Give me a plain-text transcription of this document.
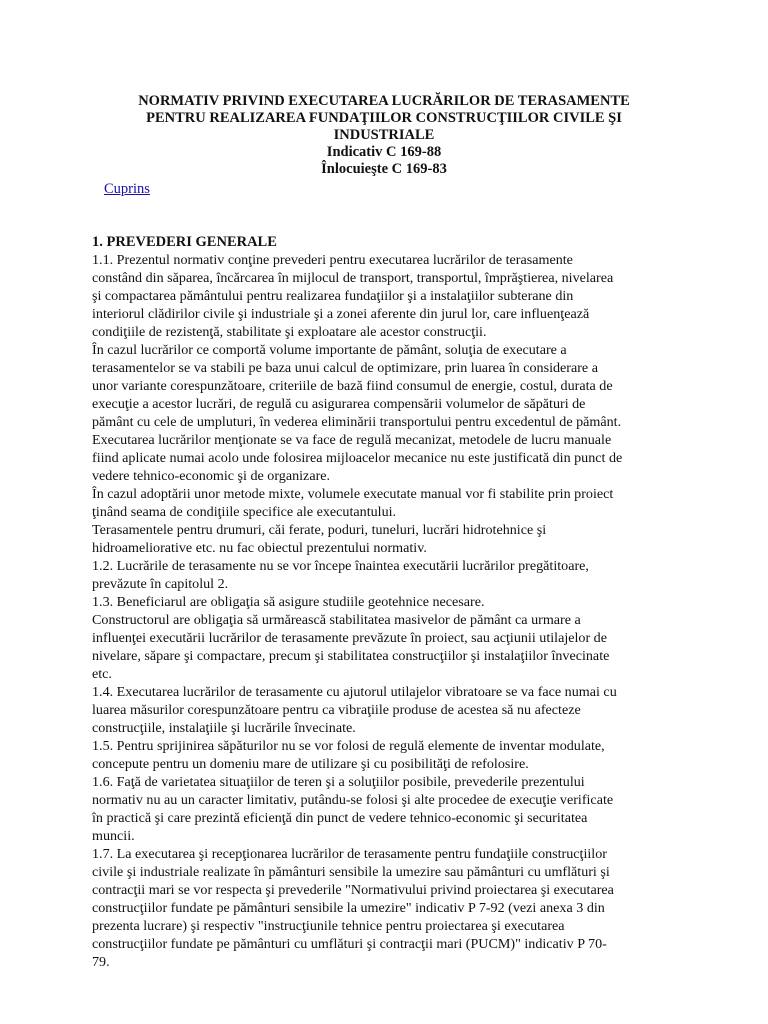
NORMATIV PRIVIND EXECUTAREA LUCRĂRILOR DE TERASAMENTE
PENTRU REALIZAREA FUNDAŢIILOR CONSTRUCŢIILOR CIVILE ŞI
INDUSTRIALE
Indicativ C 169-88
Înlocuieşte C 169-83
Cuprins
1. PREVEDERI GENERALE
1.1. Prezentul normativ conţine prevederi pentru executarea lucrărilor de terasamente
constând din săparea, încărcarea în mijlocul de transport, transportul, împrăştierea, nivelarea
şi compactarea pământului pentru realizarea fundaţiilor şi a instalaţiilor subterane din
interiorul clădirilor civile şi industriale şi a zonei aferente din jurul lor, care influenţează
condiţiile de rezistenţă, stabilitate şi exploatare ale acestor construcţii.
În cazul lucrărilor ce comportă volume importante de pământ, soluţia de executare a
terasamentelor se va stabili pe baza unui calcul de optimizare, prin luarea în considerare a
unor variante corespunzătoare, criteriile de bază fiind consumul de energie, costul, durata de
execuţie a acestor lucrări, de regulă cu asigurarea compensării volumelor de săpături de
pământ cu cele de umpluturi, în vederea eliminării transportului pentru excedentul de pământ.
Executarea lucrărilor menţionate se va face de regulă mecanizat, metodele de lucru manuale
fiind aplicate numai acolo unde folosirea mijloacelor mecanice nu este justificată din punct de
vedere tehnico-economic şi de organizare.
În cazul adoptării unor metode mixte, volumele executate manual vor fi stabilite prin proiect
ţinând seama de condiţiile specifice ale executantului.
Terasamentele pentru drumuri, căi ferate, poduri, tuneluri, lucrări hidrotehnice şi
hidroameliorative etc. nu fac obiectul prezentului normativ.
1.2. Lucrările de terasamente nu se vor începe înaintea executării lucrărilor pregătitoare,
prevăzute în capitolul 2.
1.3. Beneficiarul are obligaţia să asigure studiile geotehnice necesare.
Constructorul are obligaţia să urmărească stabilitatea masivelor de pământ ca urmare a
influenţei executării lucrărilor de terasamente prevăzute în proiect, sau acţiunii utilajelor de
nivelare, săpare şi compactare, precum şi stabilitatea construcţiilor şi instalaţiilor învecinate
etc.
1.4. Executarea lucrărilor de terasamente cu ajutorul utilajelor vibratoare se va face numai cu
luarea măsurilor corespunzătoare pentru ca vibraţiile produse de acestea să nu afecteze
construcţiile, instalaţiile şi lucrările învecinate.
1.5. Pentru sprijinirea săpăturilor nu se vor folosi de regulă elemente de inventar modulate,
concepute pentru un domeniu mare de utilizare şi cu posibilităţi de refolosire.
1.6. Faţă de varietatea situaţiilor de teren şi a soluţiilor posibile, prevederile prezentului
normativ nu au un caracter limitativ, putându-se folosi şi alte procedee de execuţie verificate
în practică şi care prezintă eficienţă din punct de vedere tehnico-economic şi securitatea
muncii.
1.7. La executarea şi recepţionarea lucrărilor de terasamente pentru fundaţiile construcţiilor
civile şi industriale realizate în pământuri sensibile la umezire sau pământuri cu umflături şi
contracţii mari se vor respecta şi prevederile "Normativului privind proiectarea şi executarea
construcţiilor fundate pe pământuri sensibile la umezire" indicativ P 7-92 (vezi anexa 3 din
prezenta lucrare) şi respectiv "instrucţiunile tehnice pentru proiectarea şi executarea
construcţiilor fundate pe pământuri cu umflături şi contracţii mari (PUCM)" indicativ P 70-
79.
